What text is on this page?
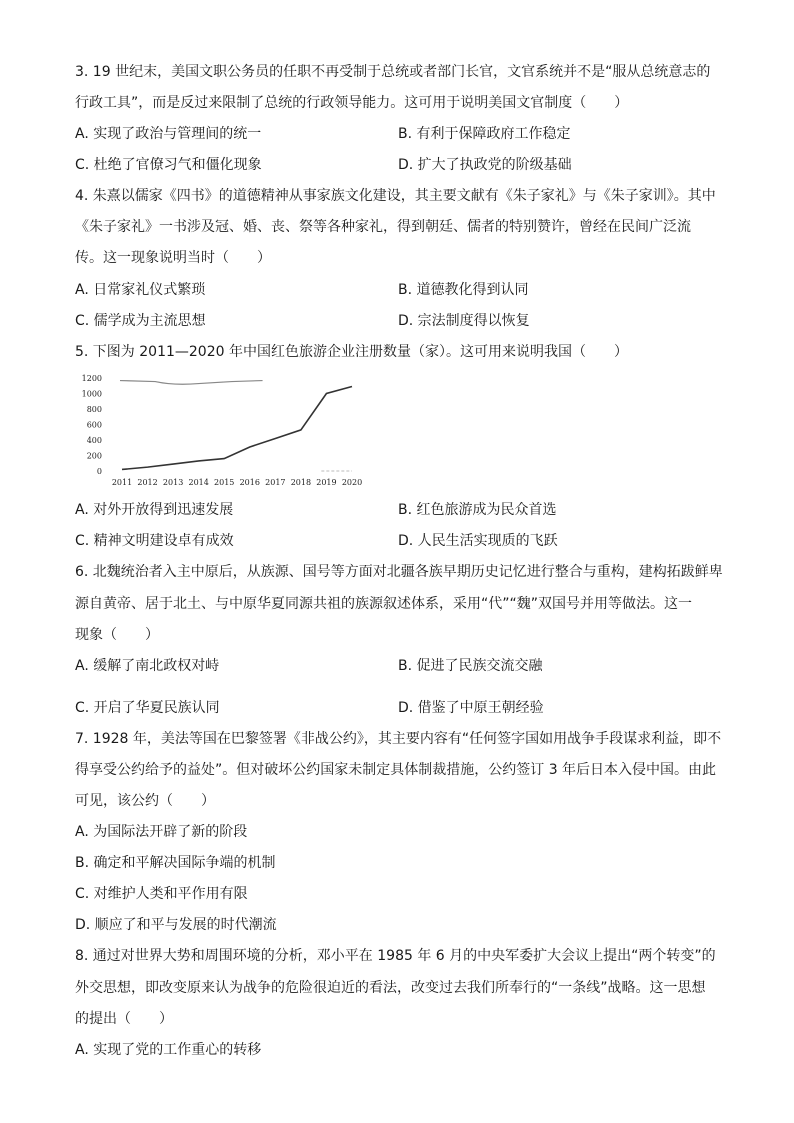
3. 19 世纪末，美国文职公务员的任职不再受制于总统或者部门长官，文官系统并不是“服从总统意志的
行政工具”，而是反过来限制了总统的行政领导能力。这可用于说明美国文官制度（　　）
A. 实现了政治与管理间的统一	B. 有利于保障政府工作稳定
C. 杜绝了官僚习气和僵化现象	D. 扩大了执政党的阶级基础
4. 朱熹以儒家《四书》的道德精神从事家族文化建设，其主要文献有《朱子家礼》与《朱子家训》。其中
《朱子家礼》一书涉及冠、婚、丧、祭等各种家礼，得到朝廷、儒者的特别赞许，曾经在民间广泛流
传。这一现象说明当时（　　）
A. 日常家礼仪式繁琐	B. 道德教化得到认同
C. 儒学成为主流思想	D. 宗法制度得以恢复
5. 下图为 2011—2020 年中国红色旅游企业注册数量（家）。这可用来说明我国（　　）
0
200
400
600
800
1000
1200
2011 2012 2013 2014 2015 2016 2017 2018 2019 2020
A. 对外开放得到迅速发展	B. 红色旅游成为民众首选
C. 精神文明建设卓有成效	D. 人民生活实现质的飞跃
6. 北魏统治者入主中原后，从族源、国号等方面对北疆各族早期历史记忆进行整合与重构，建构拓跋鲜卑
源自黄帝、居于北土、与中原华夏同源共祖的族源叙述体系，采用“代”“魏”双国号并用等做法。这一
现象（　　）
A. 缓解了南北政权对峙	B. 促进了民族交流交融
C. 开启了华夏民族认同	D. 借鉴了中原王朝经验
7. 1928 年，美法等国在巴黎签署《非战公约》，其主要内容有“任何签字国如用战争手段谋求利益，即不
得享受公约给予的益处”。但对破坏公约国家未制定具体制裁措施，公约签订 3 年后日本入侵中国。由此
可见，该公约（　　）
A. 为国际法开辟了新的阶段
B. 确定和平解决国际争端的机制
C. 对维护人类和平作用有限
D. 顺应了和平与发展的时代潮流
8. 通过对世界大势和周围环境的分析，邓小平在 1985 年 6 月的中央军委扩大会议上提出“两个转变”的
外交思想，即改变原来认为战争的危险很迫近的看法，改变过去我们所奉行的“一条线”战略。这一思想
的提出（　　）
A. 实现了党的工作重心的转移
